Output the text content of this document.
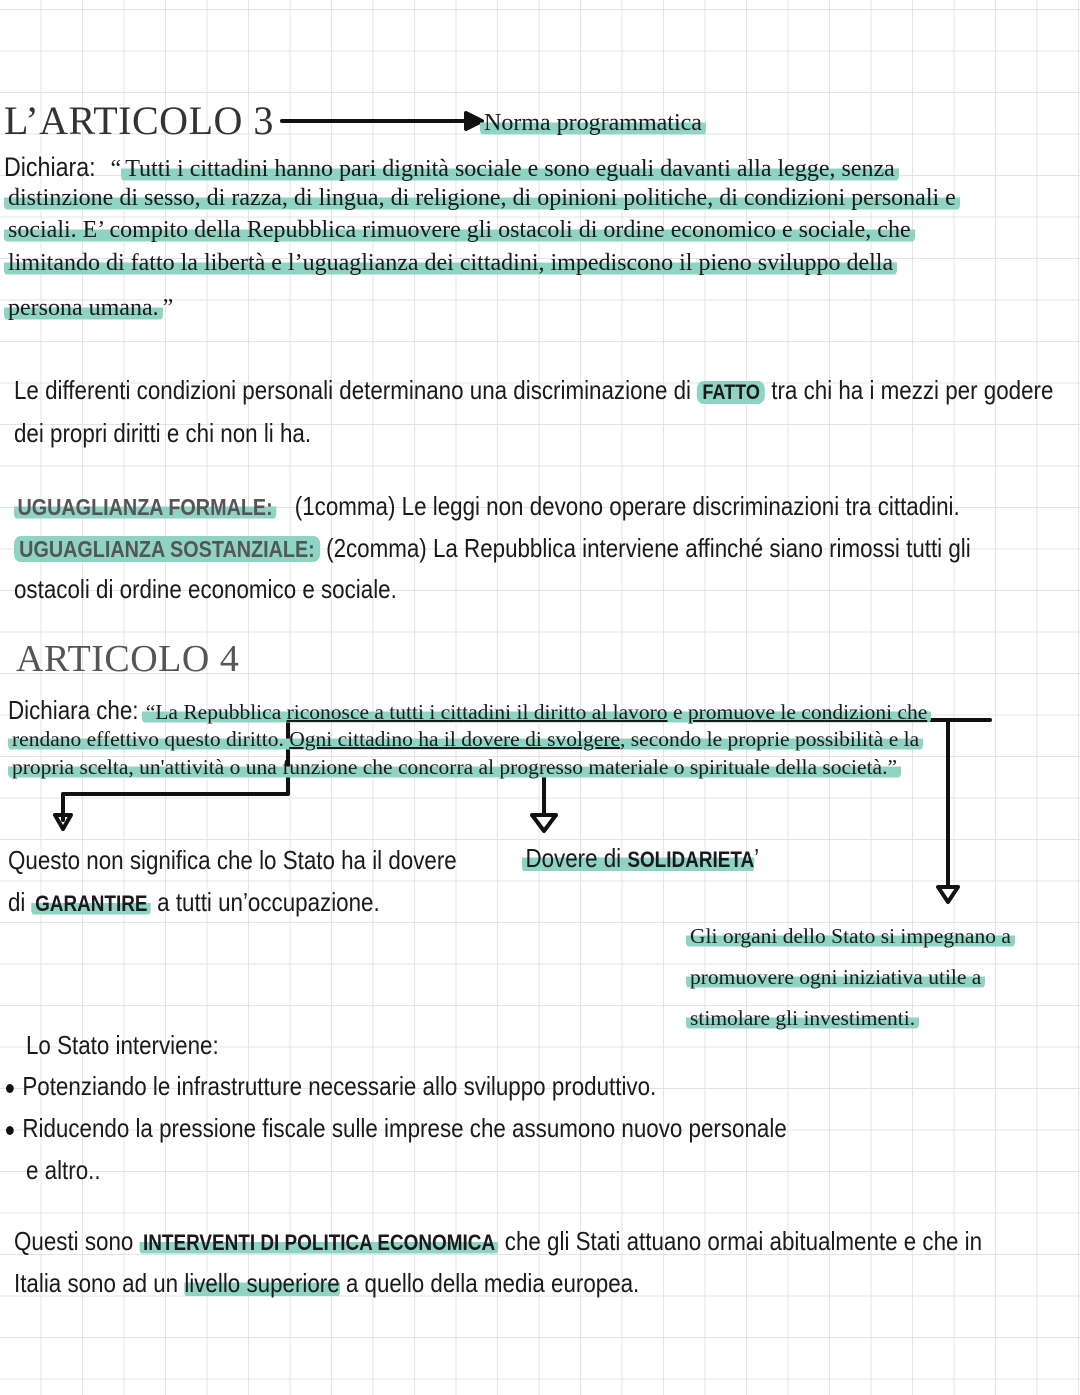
L’ARTICOLO 3	Norma programmatica
Dichiara:“ Tutti i cittadini hanno pari dignità sociale e sono eguali davanti alla legge, senza
distinzione di sesso, di razza, di lingua, di religione, di opinioni politiche, di condizioni personali e
sociali. E’ compito della Repubblica rimuovere gli ostacoli di ordine economico e sociale, che
limitando di fatto la libertà e l’uguaglianza dei cittadini, impediscono il pieno sviluppo della
persona umana. ”
Le differenti condizioni personali determinano una discriminazione di FATTO tra chi ha i mezzi per godere
dei propri diritti e chi non li ha.
UGUAGLIANZA FORMALE: (1comma) Le leggi non devono operare discriminazioni tra cittadini.
UGUAGLIANZA SOSTANZIALE: (2comma) La Repubblica interviene affinché siano rimossi tutti gli
ostacoli di ordine economico e sociale.
ARTICOLO 4
Dichiara che:“La Repubblica riconosce a tutti i cittadini il diritto al lavoro e promuove le condizioni che
rendano effettivo questo diritto. Ogni cittadino ha il dovere di svolgere, secondo le proprie possibilità e la
propria scelta, un'attività o una funzione che concorra al progresso materiale o spirituale della società.”
Questo non significa che lo Stato ha il dovere
di GARANTIRE a tutti un’occupazione.
Dovere di SOLIDARIETA’
Gli organi dello Stato si impegnano a
promuovere ogni iniziativa utile a
stimolare gli investimenti.
Lo Stato interviene:
Potenziando le infrastrutture necessarie allo sviluppo produttivo.
Riducendo la pressione fiscale sulle imprese che assumono nuovo personale
e altro..
Questi sono INTERVENTI DI POLITICA ECONOMICA che gli Stati attuano ormai abitualmente e che in
Italia sono ad un livello superiore a quello della media europea.
